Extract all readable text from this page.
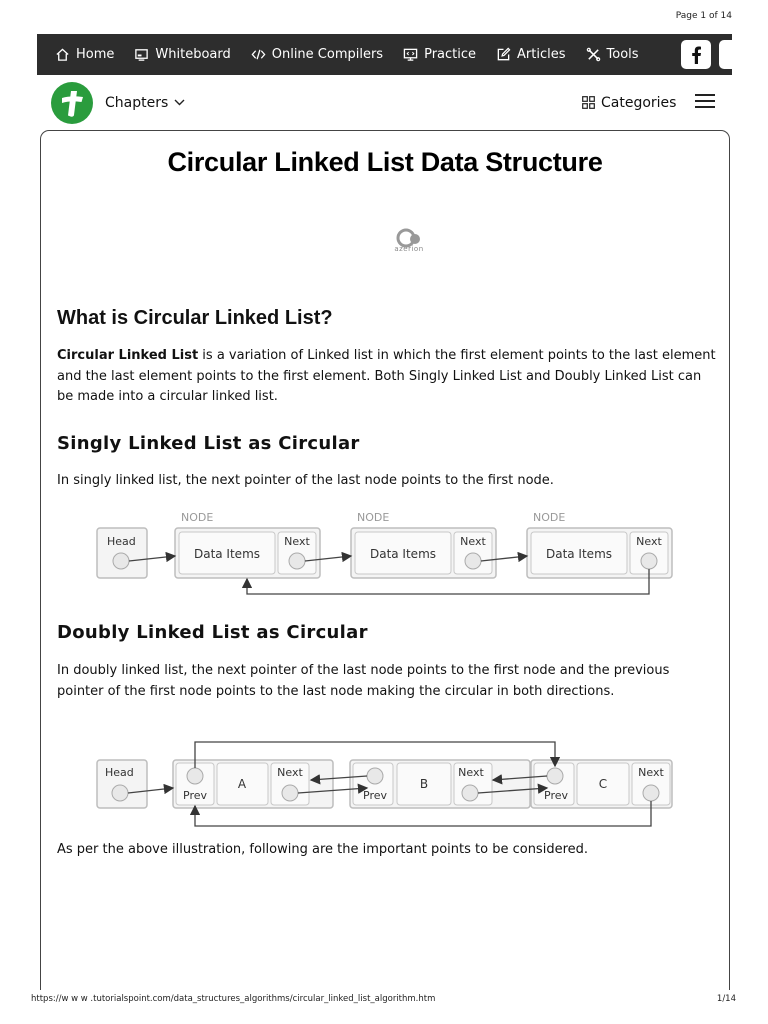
Page 1 of 14
Home	Whiteboard	Online Compilers	Practice	Articles	Tools
Chapters	Categories
Circular Linked List Data Structure
azerion
What is Circular Linked List?

Circular Linked List is a variation of Linked list in which the first element points to the last element and the last element points to the first element. Both Singly Linked List and Doubly Linked List can be made into a circular linked list.

Singly Linked List as Circular

In singly linked list, the next pointer of the last node points to the first node.

Head
NODE
Data Items
Next
NODE
Data Items
Next
NODE
Data Items
Next
Doubly Linked List as Circular

In doubly linked list, the next pointer of the last node points to the first node and the previous pointer of the first node points to the last node making the circular in both directions.

Head
Prev
A
Next
Prev
B
Next
Prev
C
Next

As per the above illustration, following are the important points to be considered.

https://w w w .tutorialspoint.com/data_structures_algorithms/circular_linked_list_algorithm.htm	1/14
